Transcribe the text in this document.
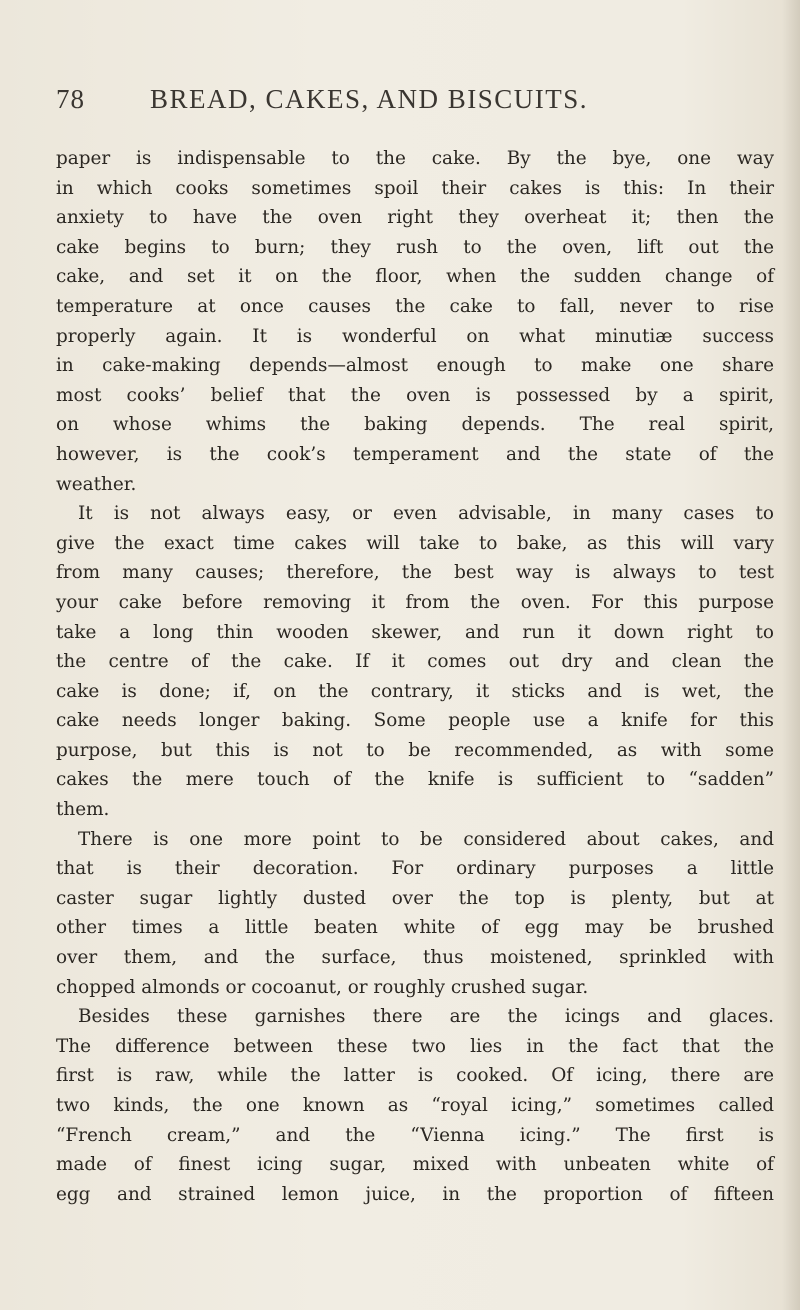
78 BREAD, CAKES, AND BISCUITS.
paper is indispensable to the cake. By the bye, one way
in which cooks sometimes spoil their cakes is this: In their
anxiety to have the oven right they overheat it; then the
cake begins to burn; they rush to the oven, lift out the
cake, and set it on the floor, when the sudden change of
temperature at once causes the cake to fall, never to rise
properly again. It is wonderful on what minutiæ success
in cake-making depends—almost enough to make one share
most cooks’ belief that the oven is possessed by a spirit,
on whose whims the baking depends. The real spirit,
however, is the cook’s temperament and the state of the
weather.
It is not always easy, or even advisable, in many cases to
give the exact time cakes will take to bake, as this will vary
from many causes; therefore, the best way is always to test
your cake before removing it from the oven. For this purpose
take a long thin wooden skewer, and run it down right to
the centre of the cake. If it comes out dry and clean the
cake is done; if, on the contrary, it sticks and is wet, the
cake needs longer baking. Some people use a knife for this
purpose, but this is not to be recommended, as with some
cakes the mere touch of the knife is sufficient to “sadden”
them.
There is one more point to be considered about cakes, and
that is their decoration. For ordinary purposes a little
caster sugar lightly dusted over the top is plenty, but at
other times a little beaten white of egg may be brushed
over them, and the surface, thus moistened, sprinkled with
chopped almonds or cocoanut, or roughly crushed sugar.
Besides these garnishes there are the icings and glaces.
The difference between these two lies in the fact that the
first is raw, while the latter is cooked. Of icing, there are
two kinds, the one known as “royal icing,” sometimes called
“French cream,” and the “Vienna icing.” The first is
made of finest icing sugar, mixed with unbeaten white of
egg and strained lemon juice, in the proportion of fifteen
